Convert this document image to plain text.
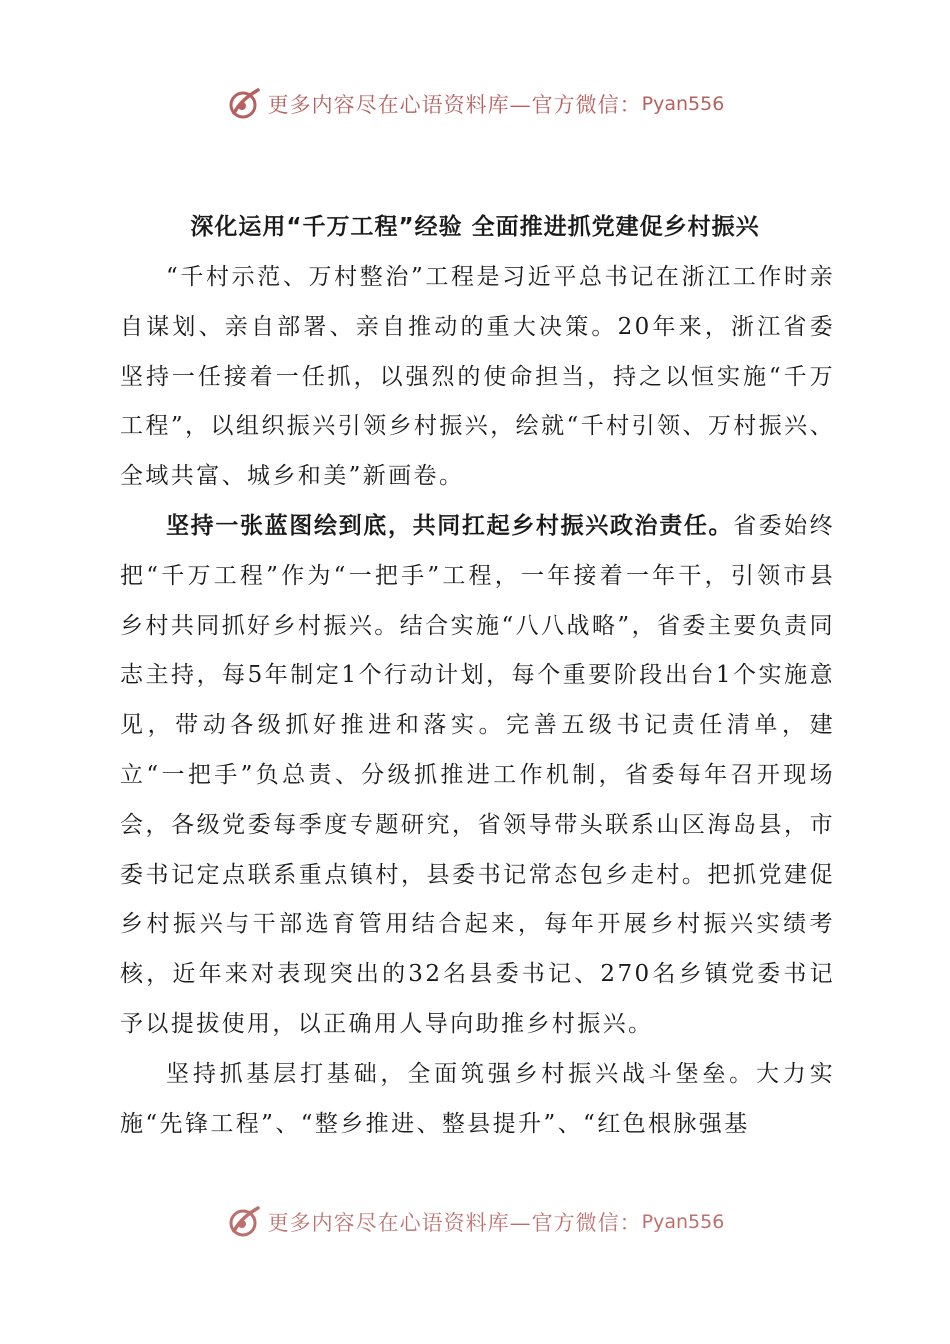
更多内容尽在心语资料库—官方微信： Pyan556
深化运用“千万工程”经验 全面推进抓党建促乡村振兴

“千村示范、万村整治”工程是习近平总书记在浙江工作时亲自谋划、亲自部署、亲自推动的重大决策。20年来，浙江省委坚持一任接着一任抓，以强烈的使命担当，持之以恒实施“千万工程”，以组织振兴引领乡村振兴，绘就“千村引领、万村振兴、全域共富、城乡和美”新画卷。

坚持一张蓝图绘到底，共同扛起乡村振兴政治责任。省委始终把“千万工程”作为“一把手”工程，一年接着一年干，引领市县乡村共同抓好乡村振兴。结合实施“八八战略”，省委主要负责同志主持，每5年制定1个行动计划，每个重要阶段出台1个实施意见，带动各级抓好推进和落实。完善五级书记责任清单，建立“一把手”负总责、分级抓推进工作机制，省委每年召开现场会，各级党委每季度专题研究，省领导带头联系山区海岛县，市委书记定点联系重点镇村，县委书记常态包乡走村。把抓党建促乡村振兴与干部选育管用结合起来，每年开展乡村振兴实绩考核，近年来对表现突出的32名县委书记、270名乡镇党委书记予以提拔使用，以正确用人导向助推乡村振兴。

坚持抓基层打基础，全面筑强乡村振兴战斗堡垒。大力实施“先锋工程”、“整乡推进、整县提升”、“红色根脉强基

更多内容尽在心语资料库—官方微信： Pyan556
